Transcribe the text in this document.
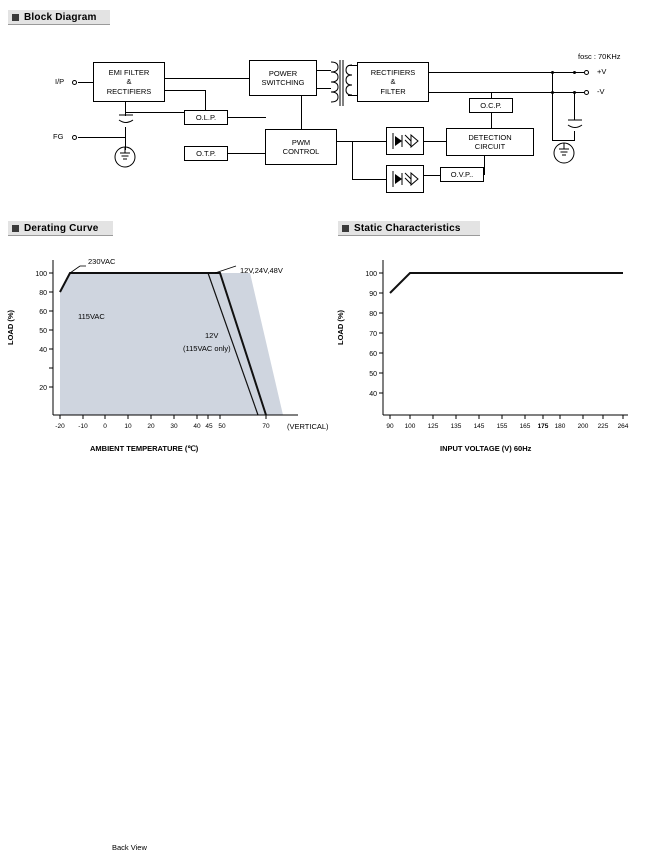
Block Diagram
fosc : 70KHz
I/P
FG
EMI FILTER
&
RECTIFIERS
POWER
SWITCHING
RECTIFIERS
&
FILTER
+V
-V
O.C.P.
DETECTION
CIRCUIT
O.L.P.
O.T.P.
PWM
CONTROL
O.V.P..
Derating Curve	Static Characteristics
100
80
60
50
40
20
-20 -10 0	10 20 30 40 45 50	70
230VAC
115VAC
12V,24V,48V
12V
(115VAC only)
(VERTICAL)
LOAD (%)
AMBIENT TEMPERATURE (℃)
100
90
80
70
60
50
40
90 100 125 135 145 155 165 175 180 200 225 264
LOAD (%)
INPUT VOLTAGE (V) 60Hz
Back View
